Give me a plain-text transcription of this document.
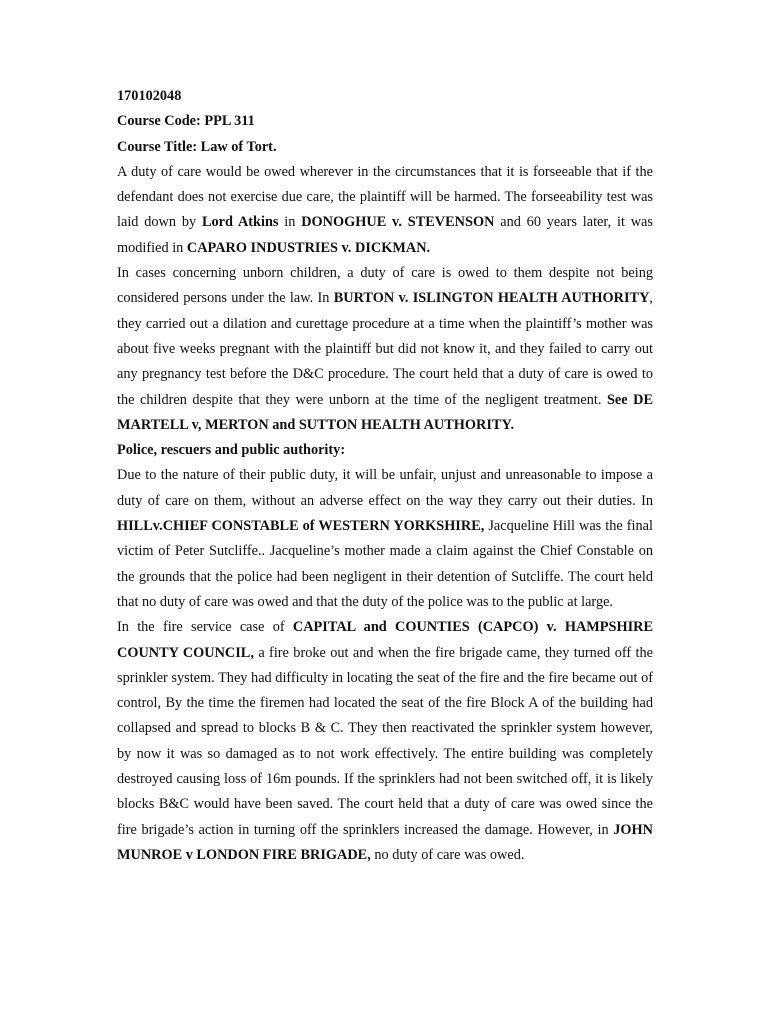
170102048

Course Code: PPL 311

Course Title: Law of Tort.

A duty of care would be owed wherever in the circumstances that it is forseeable that if the defendant does not exercise due care, the plaintiff will be harmed. The forseeability test was laid down by Lord Atkins in DONOGHUE v. STEVENSON and 60 years later, it was modified in CAPARO INDUSTRIES v. DICKMAN.

In cases concerning unborn children, a duty of care is owed to them despite not being considered persons under the law. In BURTON v. ISLINGTON HEALTH AUTHORITY, they carried out a dilation and curettage procedure at a time when the plaintiff’s mother was about five weeks pregnant with the plaintiff but did not know it, and they failed to carry out any pregnancy test before the D&C procedure. The court held that a duty of care is owed to the children despite that they were unborn at the time of the negligent treatment. See DE MARTELL v, MERTON and SUTTON HEALTH AUTHORITY.

Police, rescuers and public authority:

Due to the nature of their public duty, it will be unfair, unjust and unreasonable to impose a duty of care on them, without an adverse effect on the way they carry out their duties. In HILLv.CHIEF CONSTABLE of WESTERN YORKSHIRE, Jacqueline Hill was the final victim of Peter Sutcliffe.. Jacqueline’s mother made a claim against the Chief Constable on the grounds that the police had been negligent in their detention of Sutcliffe. The court held that no duty of care was owed and that the duty of the police was to the public at large.

In the fire service case of CAPITAL and COUNTIES (CAPCO) v. HAMPSHIRE COUNTY COUNCIL, a fire broke out and when the fire brigade came, they turned off the sprinkler system. They had difficulty in locating the seat of the fire and the fire became out of control, By the time the firemen had located the seat of the fire Block A of the building had collapsed and spread to blocks B & C. They then reactivated the sprinkler system however, by now it was so damaged as to not work effectively. The entire building was completely destroyed causing loss of 16m pounds. If the sprinklers had not been switched off, it is likely blocks B&C would have been saved. The court held that a duty of care was owed since the fire brigade’s action in turning off the sprinklers increased the damage. However, in JOHN MUNROE v LONDON FIRE BRIGADE, no duty of care was owed.
